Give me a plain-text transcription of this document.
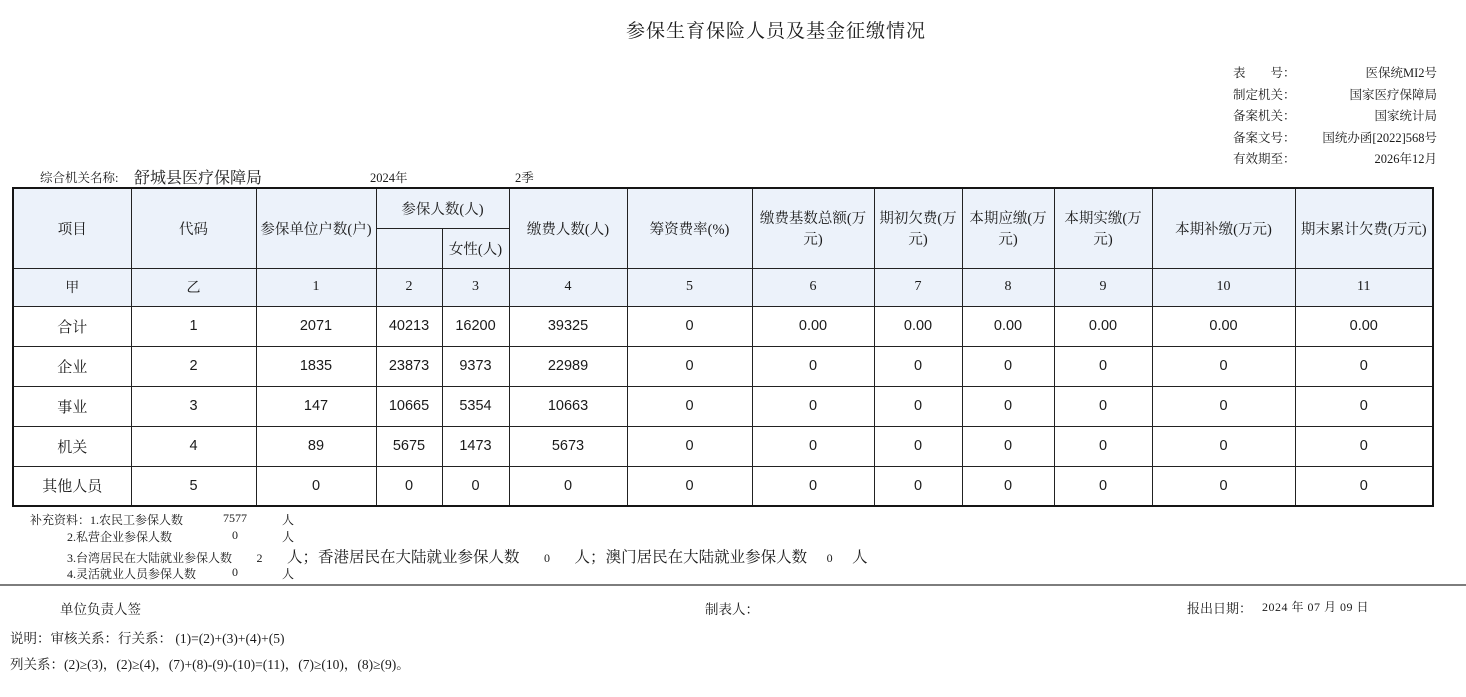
参保生育保险人员及基金征缴情况
表　　号：	医保统MI2号
制定机关：	国家医疗保障局
备案机关：	国家统计局
备案文号： 国统办函[2022]568号
有效期至：	2026年12月
综合机关名称: 舒城县医疗保障局	2024年	2季
项目	代码	参保单位户数(户)	参保人数(人)		缴费人数(人)	筹资费率(%)	缴费基数总额(万元)	期初欠费(万元)	本期应缴(万元)	本期实缴(万元)	本期补缴(万元)	期末累计欠费(万元)
				女性(人)								
甲	乙	1	2	3	4	5	6	7	8	9	10	11
合计	1	2071	40213	16200	39325	0	0.00	0.00	0.00	0.00	0.00	0.00
企业	2	1835	23873	9373	22989	0	0	0	0	0	0	0
事业	3	147	10665	5354	10663	0	0	0	0	0	0	0
机关	4	89	5675	1473	5673	0	0	0	0	0	0	0
其他人员	5	0	0	0	0	0	0	0	0	0	0	0
补充资料：1.农民工参保人数	7577	人
2.私营企业参保人数	0	人
3.台湾居民在大陆就业参保人数	2	人； 香港居民在大陆就业参保人数	0	人； 澳门居民在大陆就业参保人数	0	人
4.灵活就业人员参保人数	0	人
单位负责人签	制表人：	报出日期： 2024 年 07 月 09 日
说明：审核关系：行关系： (1)=(2)+(3)+(4)+(5)
列关系：(2)≥(3)，(2)≥(4)，(7)+(8)-(9)-(10)=(11)，(7)≥(10)，(8)≥(9)。
